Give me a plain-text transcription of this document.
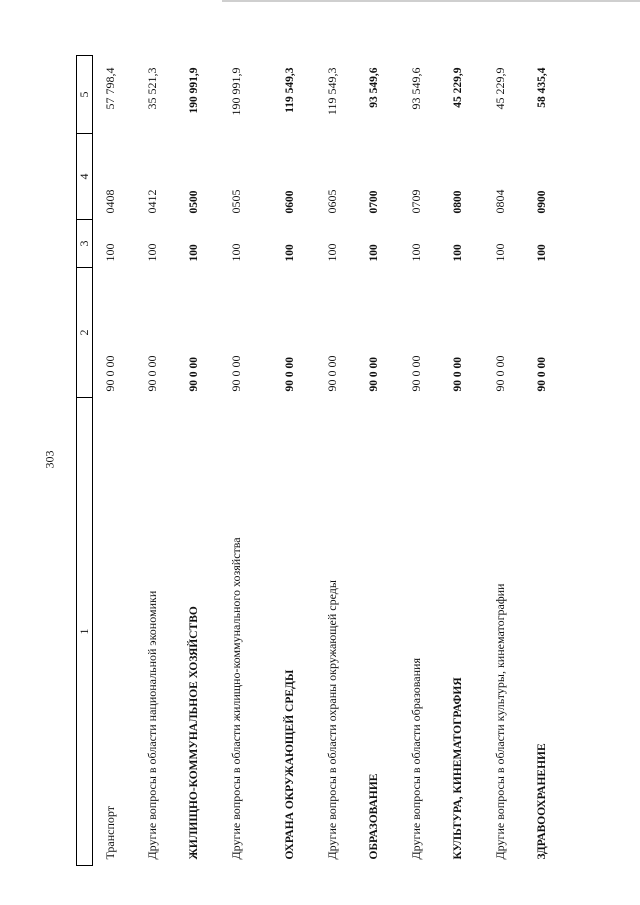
303
1	2	3	4	5
Транспорт	90 0 00	100	0408	57 798,4
Другие вопросы в области национальной экономики	90 0 00	100	0412	35 521,3
ЖИЛИЩНО-КОММУНАЛЬНОЕ ХОЗЯЙСТВО	90 0 00	100	0500	190 991,9
Другие вопросы в области жилищно-коммунального хозяйства	90 0 00	100	0505	190 991,9
ОХРАНА ОКРУЖАЮЩЕЙ СРЕДЫ	90 0 00	100	0600	119 549,3
Другие вопросы в области охраны окружающей среды	90 0 00	100	0605	119 549,3
ОБРАЗОВАНИЕ	90 0 00	100	0700	93 549,6
Другие вопросы в области образования	90 0 00	100	0709	93 549,6
КУЛЬТУРА, КИНЕМАТОГРАФИЯ	90 0 00	100	0800	45 229,9
Другие вопросы в области культуры, кинематографии	90 0 00	100	0804	45 229,9
ЗДРАВООХРАНЕНИЕ	90 0 00	100	0900	58 435,4
